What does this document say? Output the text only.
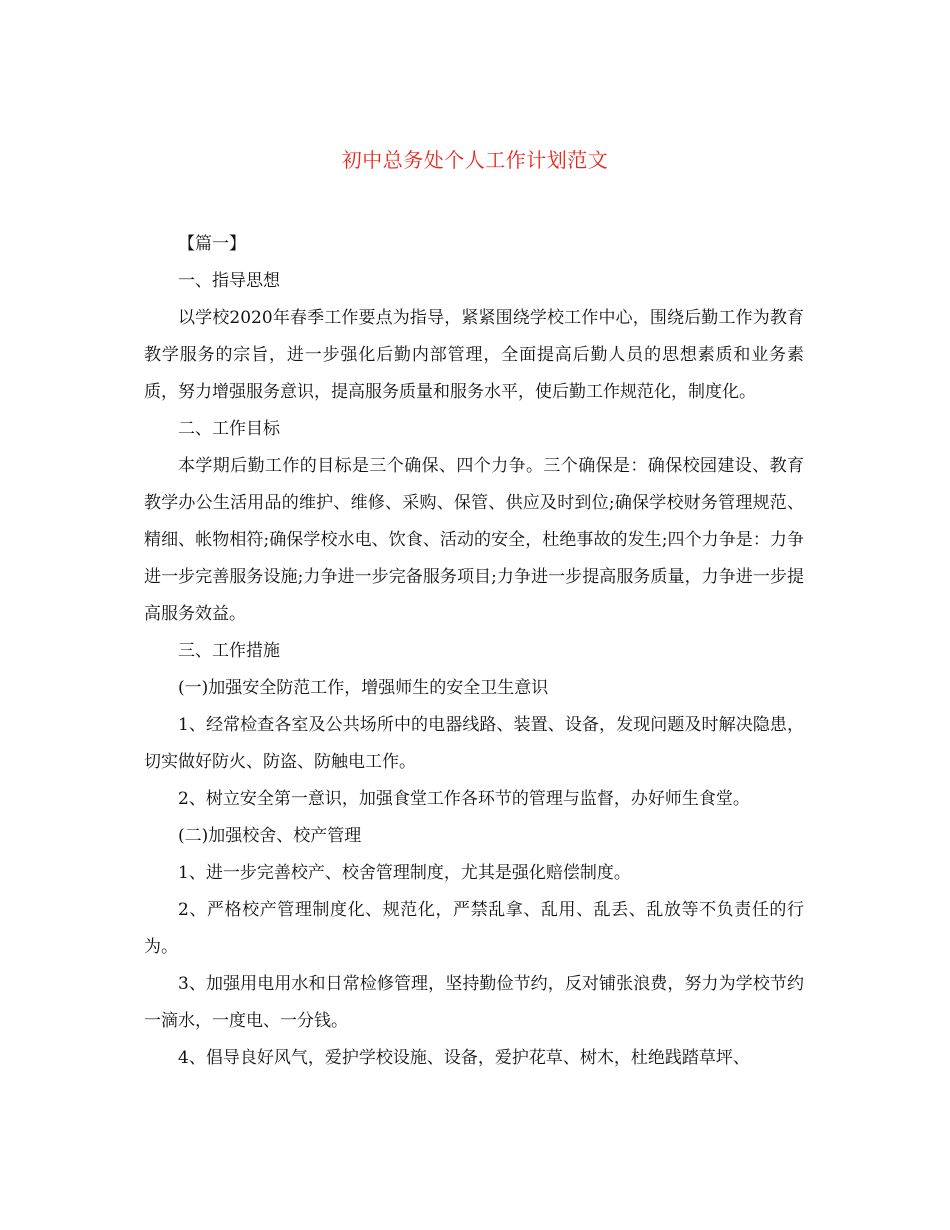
初中总务处个人工作计划范文

【篇一】

一、指导思想

以学校2020年春季工作要点为指导，紧紧围绕学校工作中心，围绕后勤工作为教育教学服务的宗旨，进一步强化后勤内部管理，全面提高后勤人员的思想素质和业务素质，努力增强服务意识，提高服务质量和服务水平，使后勤工作规范化，制度化。

二、工作目标

本学期后勤工作的目标是三个确保、四个力争。三个确保是：确保校园建设、教育教学办公生活用品的维护、维修、采购、保管、供应及时到位;确保学校财务管理规范、精细、帐物相符;确保学校水电、饮食、活动的安全，杜绝事故的发生;四个力争是：力争进一步完善服务设施;力争进一步完备服务项目;力争进一步提高服务质量，力争进一步提高服务效益。

三、工作措施

(一)加强安全防范工作，增强师生的安全卫生意识

1、经常检查各室及公共场所中的电器线路、装置、设备，发现问题及时解决隐患，切实做好防火、防盗、防触电工作。

2、树立安全第一意识，加强食堂工作各环节的管理与监督，办好师生食堂。

(二)加强校舍、校产管理

1、进一步完善校产、校舍管理制度，尤其是强化赔偿制度。

2、严格校产管理制度化、规范化，严禁乱拿、乱用、乱丢、乱放等不负责任的行为。

3、加强用电用水和日常检修管理，坚持勤俭节约，反对铺张浪费，努力为学校节约一滴水，一度电、一分钱。

4、倡导良好风气，爱护学校设施、设备，爱护花草、树木，杜绝践踏草坪、
